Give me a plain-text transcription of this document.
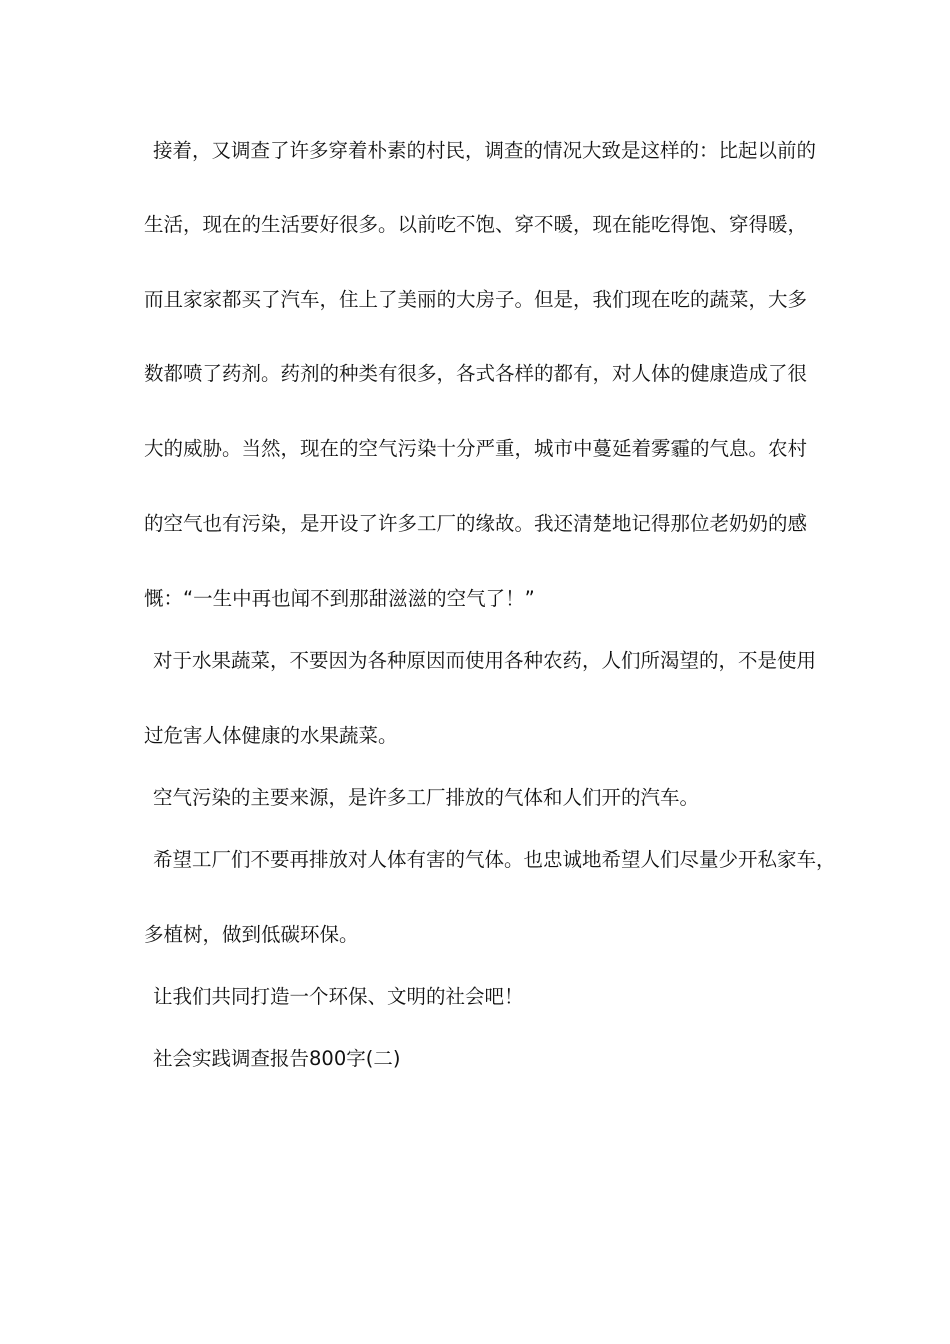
接着，又调查了许多穿着朴素的村民，调查的情况大致是这样的：比起以前的
生活，现在的生活要好很多。以前吃不饱、穿不暖，现在能吃得饱、穿得暖，
而且家家都买了汽车，住上了美丽的大房子。但是，我们现在吃的蔬菜，大多
数都喷了药剂。药剂的种类有很多，各式各样的都有，对人体的健康造成了很
大的威胁。当然，现在的空气污染十分严重，城市中蔓延着雾霾的气息。农村
的空气也有污染，是开设了许多工厂的缘故。我还清楚地记得那位老奶奶的感
慨：“一生中再也闻不到那甜滋滋的空气了！”
对于水果蔬菜，不要因为各种原因而使用各种农药，人们所渴望的，不是使用
过危害人体健康的水果蔬菜。
空气污染的主要来源，是许多工厂排放的气体和人们开的汽车。
希望工厂们不要再排放对人体有害的气体。也忠诚地希望人们尽量少开私家车，
多植树，做到低碳环保。
让我们共同打造一个环保、文明的社会吧！
社会实践调查报告800字(二)
